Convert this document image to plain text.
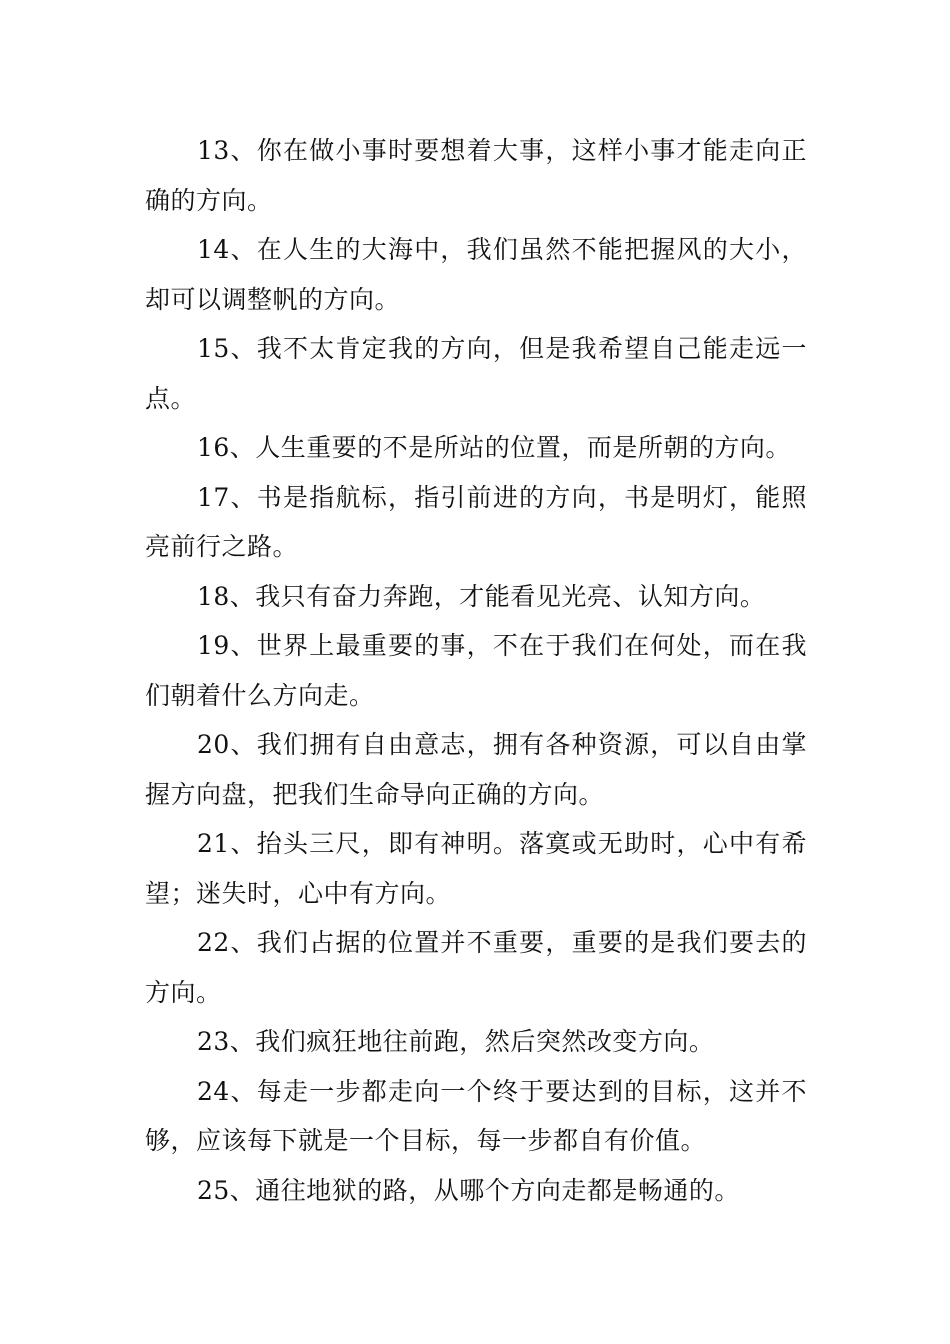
13、你在做小事时要想着大事，这样小事才能走向正确的方向。

14、在人生的大海中，我们虽然不能把握风的大小，却可以调整帆的方向。

15、我不太肯定我的方向，但是我希望自己能走远一点。

16、人生重要的不是所站的位置，而是所朝的方向。

17、书是指航标，指引前进的方向，书是明灯，能照亮前行之路。

18、我只有奋力奔跑，才能看见光亮、认知方向。

19、世界上最重要的事，不在于我们在何处，而在我们朝着什么方向走。

20、我们拥有自由意志，拥有各种资源，可以自由掌握方向盘，把我们生命导向正确的方向。

21、抬头三尺，即有神明。落寞或无助时，心中有希望；迷失时，心中有方向。

22、我们占据的位置并不重要，重要的是我们要去的方向。

23、我们疯狂地往前跑，然后突然改变方向。

24、每走一步都走向一个终于要达到的目标，这并不够，应该每下就是一个目标，每一步都自有价值。

25、通往地狱的路，从哪个方向走都是畅通的。
